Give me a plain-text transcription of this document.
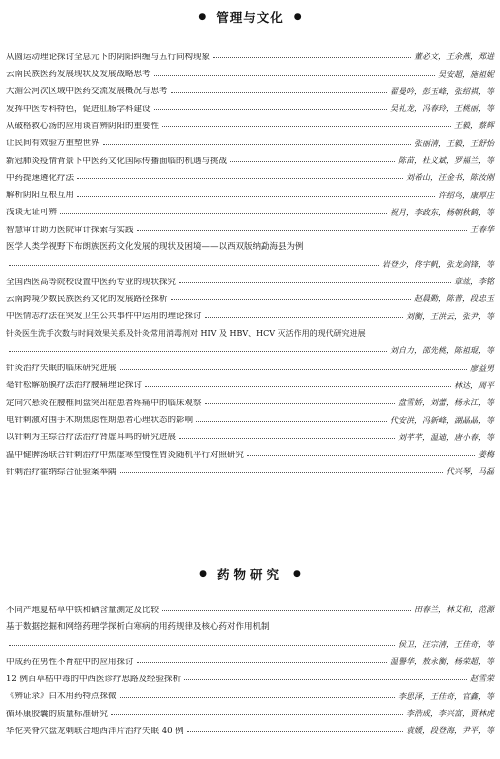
● 管理与文化 ●
从圆运动理论探讨全息元下的阴阳纠缠与五行同构现象	董必文，王余燕，郑进
云南民族医药发展现状及发展战略思考	吴安超，施祖妮
大湄公河次区域中医药交流发展概况与思考	翟曼吟，彭玉峰，张绍祺，等
发挥中医专科特色，促进肛肠学科建设	吴礼龙，冯春玲，王桃丽，等
从破格救心汤的应用谈首辨阴阳的重要性	王毅，蔡辉
让民间有效验方重塑世界	张丽清，王毅，王舒怡
新冠肺炎疫情背景下中医药文化国际传播面临的机遇与挑战	陈苗，杜义斌，罗福兰，等
中药提速遴化疗法	刘希山，汪金书，陈汝刚
解析阴阳互根互用	许绍鸟，康厚庄
浅谈无证可辨	祝月，李政东，杨朝秋鹤，等
智慧审计助力医院审计探索与实践	王春华
医学人类学视野下布朗族医药文化发展的现状及困境——以西双版纳勐海县为例
岩登少，佟宇帆，张龙剑锋，等
全国西医高等院校设置中医药专业的现状探究	章竑，李铭
云南跨境少数民族医药文化的发展路径探析	赵晨勤，陈普，段忠玉
中医情志疗法在突发卫生公共事件中运用的理论探讨	刘衡，王洪云，张尹，等
针灸医生洗手次数与时间效果关系及针灸常用消毒剂对 HIV 及 HBV、HCV 灭活作用的现代研究进展
刘自力，邵先桃，陈祖琨，等
针灸治疗失眠的临床研究进展	廖益男
毫针松解筋膜疗法治疗腰痛理论探讨	林达，周平
定向穴悬灸在腰椎间盘突出症患者疼痛中的临床观察	盘雪娇，刘蕾，杨永江，等
电针刺激对围手术期焦虑性期患者心理状态的影响	代安洪，冯新峰，湖晶晶，等
以针刺为主综合疗法治疗肾虚耳鸣的研究进展	刘芊芊，温迪，唐小春，等
温中健脾汤联合针刺治疗中焦虚寒型慢性胃炎随机平行对照研究	姜梅
针刺治疗霍纳综合征验案举隅	代兴琴，马磊
● 药物研究 ●
不同产地夏枯草中铁和硒含量测定及比较	田春兰，林艾和，范源
基于数据挖掘和网络药理学探析白寒病的用药规律及核心药对作用机制
侯卫，汪宗清，王佳奇，等
中成药在男性不育症中的应用探讨	温譽华，敖永衡，杨荣超，等
12 例百草枯中毒的中西医诊疗思路及经验探析	赵雪荣
《辨证录》白术用药特点探微	李思泽，王佳奇，官鑫，等
循环康胶囊的质量标准研究	李浩成，李兴富，贾林虎
华佗夹脊穴盘龙刺联合地西泮片治疗失眠 40 例	袁媛，段登海，尹平，等
